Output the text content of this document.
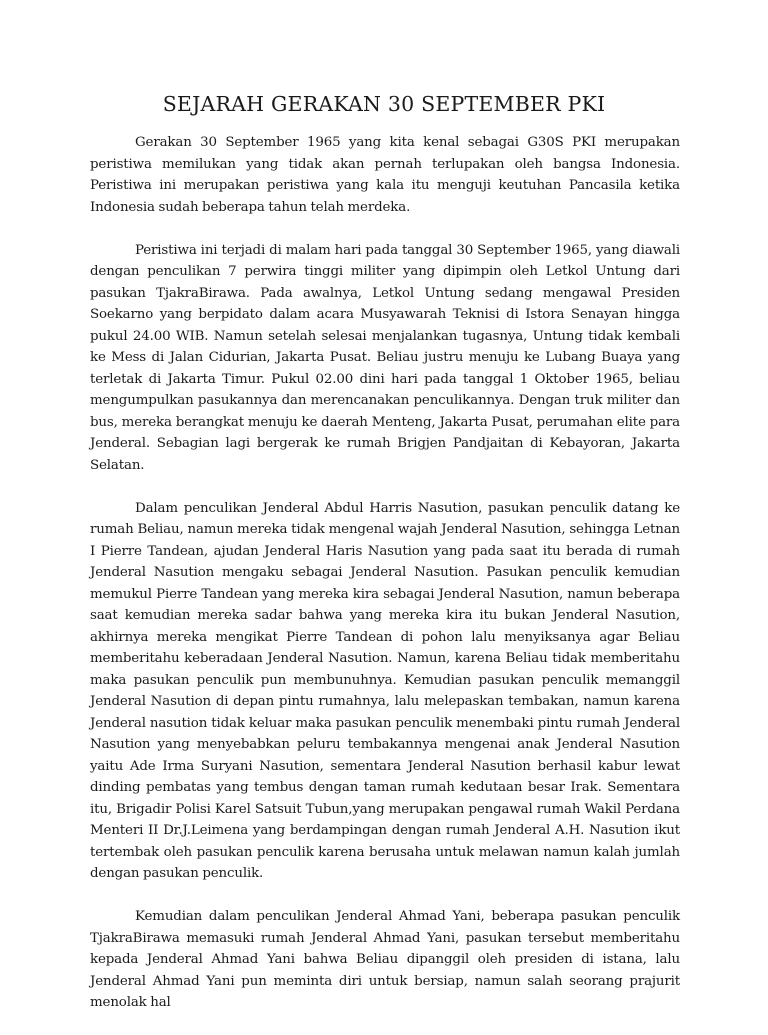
SEJARAH GERAKAN 30 SEPTEMBER PKI

Gerakan 30 September 1965 yang kita kenal sebagai G30S PKI merupakan peristiwa memilukan yang tidak akan pernah terlupakan oleh bangsa Indonesia. Peristiwa ini merupakan peristiwa yang kala itu menguji keutuhan Pancasila ketika Indonesia sudah beberapa tahun telah merdeka.

Peristiwa ini terjadi di malam hari pada tanggal 30 September 1965, yang diawali dengan penculikan 7 perwira tinggi militer yang dipimpin oleh Letkol Untung dari pasukan TjakraBirawa. Pada awalnya, Letkol Untung sedang mengawal Presiden Soekarno yang berpidato dalam acara Musyawarah Teknisi di Istora Senayan hingga pukul 24.00 WIB. Namun setelah selesai menjalankan tugasnya, Untung tidak kembali ke Mess di Jalan Cidurian, Jakarta Pusat. Beliau justru menuju ke Lubang Buaya yang terletak di Jakarta Timur. Pukul 02.00 dini hari pada tanggal 1 Oktober 1965, beliau mengumpulkan pasukannya dan merencanakan penculikannya. Dengan truk militer dan bus, mereka berangkat menuju ke daerah Menteng, Jakarta Pusat, perumahan elite para Jenderal. Sebagian lagi bergerak ke rumah Brigjen Pandjaitan di Kebayoran, Jakarta Selatan.

Dalam penculikan Jenderal Abdul Harris Nasution, pasukan penculik datang ke rumah Beliau, namun mereka tidak mengenal wajah Jenderal Nasution, sehingga Letnan I Pierre Tandean, ajudan Jenderal Haris Nasution yang pada saat itu berada di rumah Jenderal Nasution mengaku sebagai Jenderal Nasution. Pasukan penculik kemudian memukul Pierre Tandean yang mereka kira sebagai Jenderal Nasution, namun beberapa saat kemudian mereka sadar bahwa yang mereka kira itu bukan Jenderal Nasution, akhirnya mereka mengikat Pierre Tandean di pohon lalu menyiksanya agar Beliau memberitahu keberadaan Jenderal Nasution. Namun, karena Beliau tidak memberitahu maka pasukan penculik pun membunuhnya. Kemudian pasukan penculik memanggil Jenderal Nasution di depan pintu rumahnya, lalu melepaskan tembakan, namun karena Jenderal nasution tidak keluar maka pasukan penculik menembaki pintu rumah Jenderal Nasution yang menyebabkan peluru tembakannya mengenai anak Jenderal Nasution yaitu Ade Irma Suryani Nasution, sementara Jenderal Nasution berhasil kabur lewat dinding pembatas yang tembus dengan taman rumah kedutaan besar Irak. Sementara itu, Brigadir Polisi Karel Satsuit Tubun,yang merupakan pengawal rumah Wakil Perdana Menteri II Dr.J.Leimena yang berdampingan dengan rumah Jenderal A.H. Nasution ikut tertembak oleh pasukan penculik karena berusaha untuk melawan namun kalah jumlah dengan pasukan penculik.

Kemudian dalam penculikan Jenderal Ahmad Yani, beberapa pasukan penculik TjakraBirawa memasuki rumah Jenderal Ahmad Yani, pasukan tersebut memberitahu kepada Jenderal Ahmad Yani bahwa Beliau dipanggil oleh presiden di istana, lalu Jenderal Ahmad Yani pun meminta diri untuk bersiap, namun salah seorang prajurit menolak hal
